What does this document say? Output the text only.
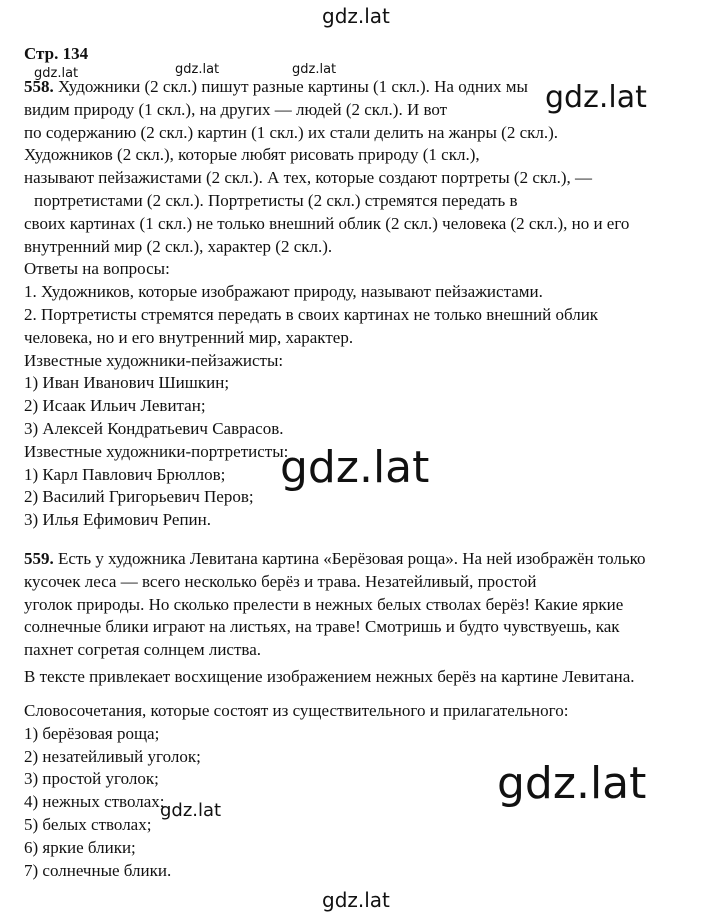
gdz.lat
gdz.lat	gdz.lat	gdz.lat
gdz.lat
gdz.lat
gdz.lat
gdz.lat
gdz.lat
Стр. 134
558. Художники (2 скл.) пишут разные картины (1 скл.). На одних мы
видим природу (1 скл.), на других — людей (2 скл.). И вот
по содержанию (2 скл.) картин (1 скл.) их стали делить на жанры (2 скл.).
Художников (2 скл.), которые любят рисовать природу (1 скл.),
называют пейзажистами (2 скл.). А тех, которые создают портреты (2 скл.), —
портретистами (2 скл.). Портретисты (2 скл.) стремятся передать в
своих картинах (1 скл.) не только внешний облик (2 скл.) человека (2 скл.), но и его
внутренний мир (2 скл.), характер (2 скл.).
Ответы на вопросы:
1. Художников, которые изображают природу, называют пейзажистами.
2. Портретисты стремятся передать в своих картинах не только внешний облик
человека, но и его внутренний мир, характер.
Известные художники-пейзажисты:
1) Иван Иванович Шишкин;
2) Исаак Ильич Левитан;
3) Алексей Кондратьевич Саврасов.
Известные художники-портретисты:
1) Карл Павлович Брюллов;
2) Василий Григорьевич Перов;
3) Илья Ефимович Репин.
559. Есть у художника Левитана картина «Берёзовая роща». На ней изображён только
кусочек леса — всего несколько берёз и трава. Незатейливый, простой
уголок природы. Но сколько прелести в нежных белых стволах берёз! Какие яркие
солнечные блики играют на листьях, на траве! Смотришь и будто чувствуешь, как
пахнет согретая солнцем листва.
В тексте привлекает восхищение изображением нежных берёз на картине Левитана.
Словосочетания, которые состоят из существительного и прилагательного:
1) берёзовая роща;
2) незатейливый уголок;
3) простой уголок;
4) нежных стволах;
5) белых стволах;
6) яркие блики;
7) солнечные блики.
